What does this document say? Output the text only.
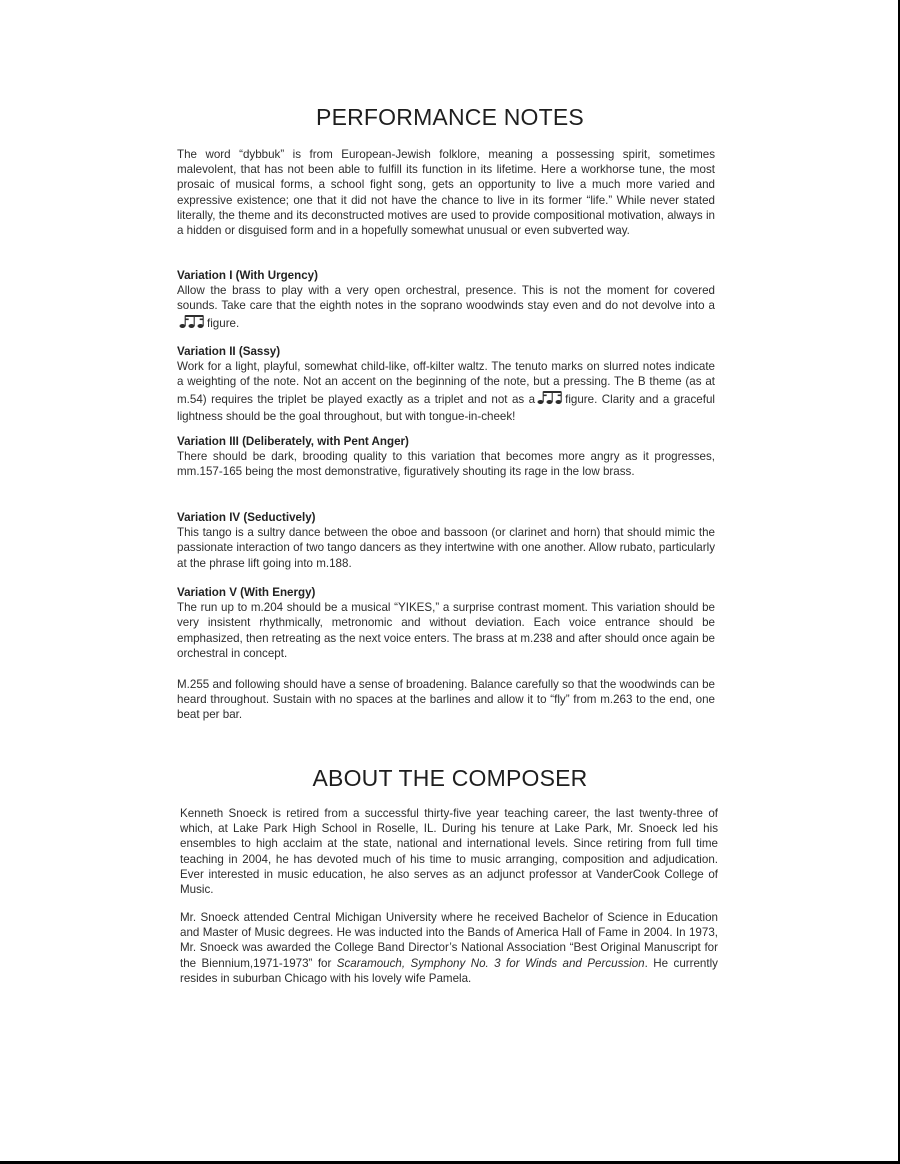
PERFORMANCE NOTES

The word “dybbuk” is from European-Jewish folklore, meaning a possessing spirit, sometimes malevolent, that has not been able to fulfill its function in its lifetime. Here a workhorse tune, the most prosaic of musical forms, a school fight song, gets an opportunity to live a much more varied and expressive existence; one that it did not have the chance to live in its former “life.” While never stated literally, the theme and its deconstructed motives are used to provide compositional motivation, always in a hidden or disguised form and in a hopefully somewhat unusual or even subverted way.

Variation I (With Urgency)

Allow the brass to play with a very open orchestral, presence. This is not the moment for covered sounds. Take care that the eighth notes in the soprano woodwinds stay even and do not devolve into afigure.

Variation II (Sassy)

Work for a light, playful, somewhat child-like, off-kilter waltz. The tenuto marks on slurred notes indicate a weighting of the note. Not an accent on the beginning of the note, but a pressing. The B theme (as at m.54) requires the triplet be played exactly as a triplet and not as a	figure. Clarity and a graceful lightness should be the goal throughout, but with tongue-in-cheek!

Variation III (Deliberately, with Pent Anger)

There should be dark, brooding quality to this variation that becomes more angry as it progresses, mm.157-165 being the most demonstrative, figuratively shouting its rage in the low brass.

Variation IV (Seductively)

This tango is a sultry dance between the oboe and bassoon (or clarinet and horn) that should mimic the passionate interaction of two tango dancers as they intertwine with one another. Allow rubato, particularly at the phrase lift going into m.188.

Variation V (With Energy)

The run up to m.204 should be a musical “YIKES,” a surprise contrast moment. This variation should be very insistent rhythmically, metronomic and without deviation. Each voice entrance should be emphasized, then retreating as the next voice enters. The brass at m.238 and after should once again be orchestral in concept.

M.255 and following should have a sense of broadening. Balance carefully so that the woodwinds can be heard throughout. Sustain with no spaces at the barlines and allow it to “fly” from m.263 to the end, one beat per bar.

ABOUT THE COMPOSER

Kenneth Snoeck is retired from a successful thirty-five year teaching career, the last twenty-three of which, at Lake Park High School in Roselle, IL. During his tenure at Lake Park, Mr. Snoeck led his ensembles to high acclaim at the state, national and international levels. Since retiring from full time teaching in 2004, he has devoted much of his time to music arranging, composition and adjudication. Ever interested in music education, he also serves as an adjunct professor at VanderCook College of Music.

Mr. Snoeck attended Central Michigan University where he received Bachelor of Science in Education and Master of Music degrees. He was inducted into the Bands of America Hall of Fame in 2004. In 1973, Mr. Snoeck was awarded the College Band Director’s National Association “Best Original Manuscript for the Biennium,1971-1973” for Scaramouch, Symphony No. 3 for Winds and Percussion. He currently resides in suburban Chicago with his lovely wife Pamela.
